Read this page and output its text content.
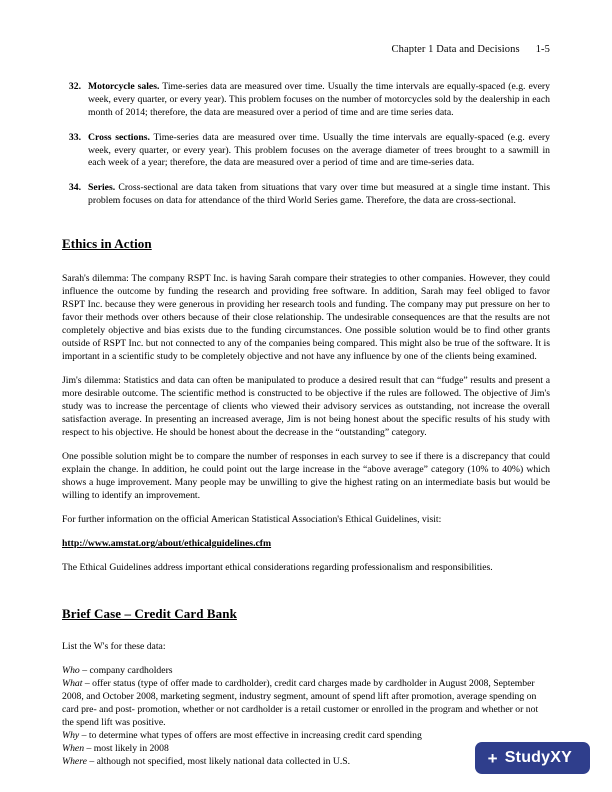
Chapter 1 Data and Decisions 1-5
32. Motorcycle sales. Time-series data are measured over time. Usually the time intervals are equally-spaced (e.g. every week, every quarter, or every year). This problem focuses on the number of motorcycles sold by the dealership in each month of 2014; therefore, the data are measured over a period of time and are time series data.
33. Cross sections. Time-series data are measured over time. Usually the time intervals are equally-spaced (e.g. every week, every quarter, or every year). This problem focuses on the average diameter of trees brought to a sawmill in each week of a year; therefore, the data are measured over a period of time and are time-series data.
34. Series. Cross-sectional are data taken from situations that vary over time but measured at a single time instant. This problem focuses on data for attendance of the third World Series game. Therefore, the data are cross-sectional.
Ethics in Action

Sarah's dilemma: The company RSPT Inc. is having Sarah compare their strategies to other companies. However, they could influence the outcome by funding the research and providing free software. In addition, Sarah may feel obliged to favor RSPT Inc. because they were generous in providing her research tools and funding. The company may put pressure on her to favor their methods over others because of their close relationship. The undesirable consequences are that the results are not completely objective and bias exists due to the funding circumstances. One possible solution would be to find other grants outside of RSPT Inc. but not connected to any of the companies being compared. This might also be true of the software. It is important in a scientific study to be completely objective and not have any influence by one of the clients being examined.

Jim's dilemma: Statistics and data can often be manipulated to produce a desired result that can “fudge” results and present a more desirable outcome. The scientific method is constructed to be objective if the rules are followed. The objective of Jim's study was to increase the percentage of clients who viewed their advisory services as outstanding, not increase the overall satisfaction average. In presenting an increased average, Jim is not being honest about the specific results of his study with respect to his objective. He should be honest about the decrease in the “outstanding” category.

One possible solution might be to compare the number of responses in each survey to see if there is a discrepancy that could explain the change. In addition, he could point out the large increase in the “above average” category (10% to 40%) which shows a huge improvement. Many people may be unwilling to give the highest rating on an intermediate basis but would be willing to identify an improvement.

For further information on the official American Statistical Association's Ethical Guidelines, visit:

http://www.amstat.org/about/ethicalguidelines.cfm

The Ethical Guidelines address important ethical considerations regarding professionalism and responsibilities.

Brief Case – Credit Card Bank

List the W's for these data:

Who – company cardholders
What – offer status (type of offer made to cardholder), credit card charges made by cardholder in August 2008, September 2008, and October 2008, marketing segment, industry segment, amount of spend lift after promotion, average spending on card pre- and post- promotion, whether or not cardholder is a retail customer or enrolled in the program and whether or not the spend lift was positive.
Why – to determine what types of offers are most effective in increasing credit card spending
When – most likely in 2008
Where – although not specified, most likely national data collected in U.S.	+ StudyXY
